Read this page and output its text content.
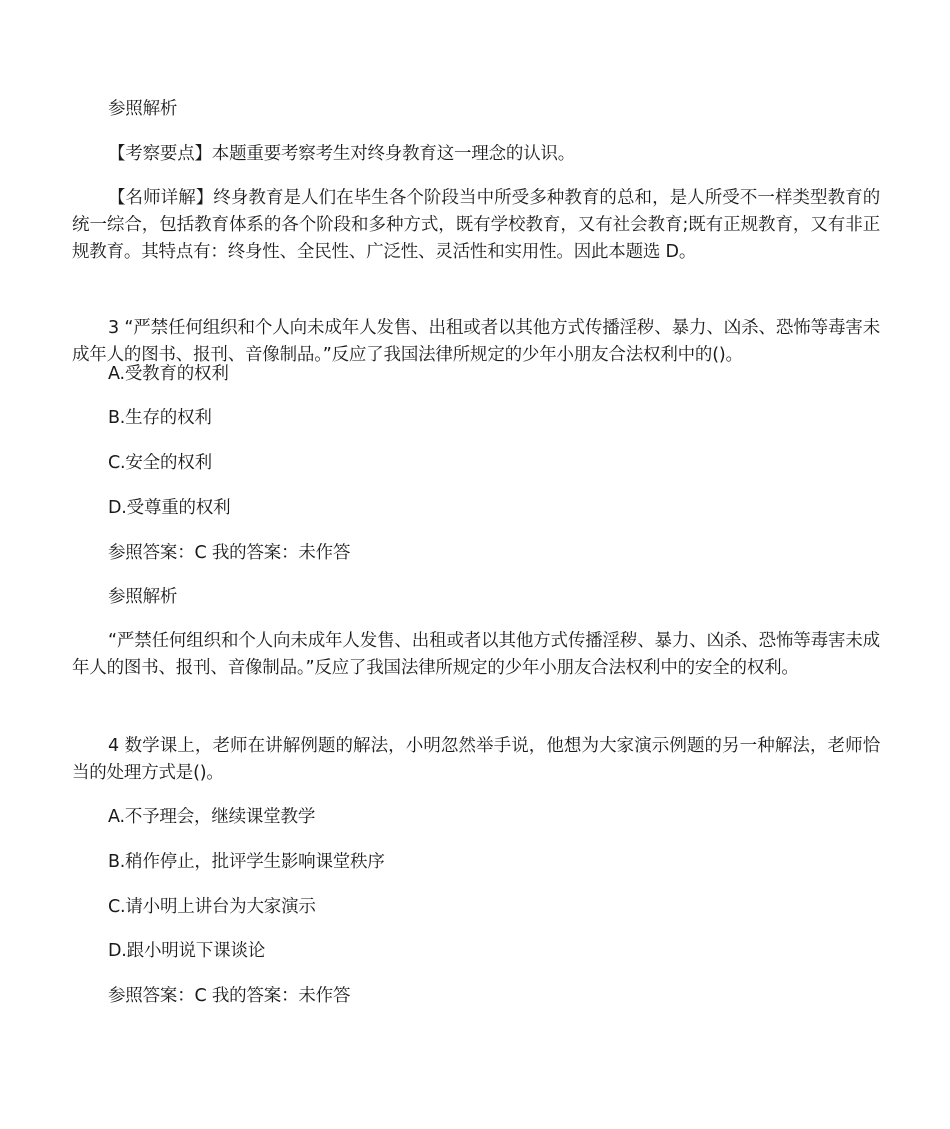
参照解析

【考察要点】本题重要考察考生对终身教育这一理念的认识。

【名师详解】终身教育是人们在毕生各个阶段当中所受多种教育的总和，是人所受不一样类型教育的统一综合，包括教育体系的各个阶段和多种方式，既有学校教育，又有社会教育;既有正规教育，又有非正规教育。其特点有：终身性、全民性、广泛性、灵活性和实用性。因此本题选 D。

3 “严禁任何组织和个人向未成年人发售、出租或者以其他方式传播淫秽、暴力、凶杀、恐怖等毒害未成年人的图书、报刊、音像制品。”反应了我国法律所规定的少年小朋友合法权利中的()。

A.受教育的权利

B.生存的权利

C.安全的权利

D.受尊重的权利

参照答案：C 我的答案：未作答

参照解析

“严禁任何组织和个人向未成年人发售、出租或者以其他方式传播淫秽、暴力、凶杀、恐怖等毒害未成年人的图书、报刊、音像制品。”反应了我国法律所规定的少年小朋友合法权利中的安全的权利。

4 数学课上，老师在讲解例题的解法，小明忽然举手说，他想为大家演示例题的另一种解法，老师恰当的处理方式是()。

A.不予理会，继续课堂教学

B.稍作停止，批评学生影响课堂秩序

C.请小明上讲台为大家演示

D.跟小明说下课谈论

参照答案：C 我的答案：未作答
